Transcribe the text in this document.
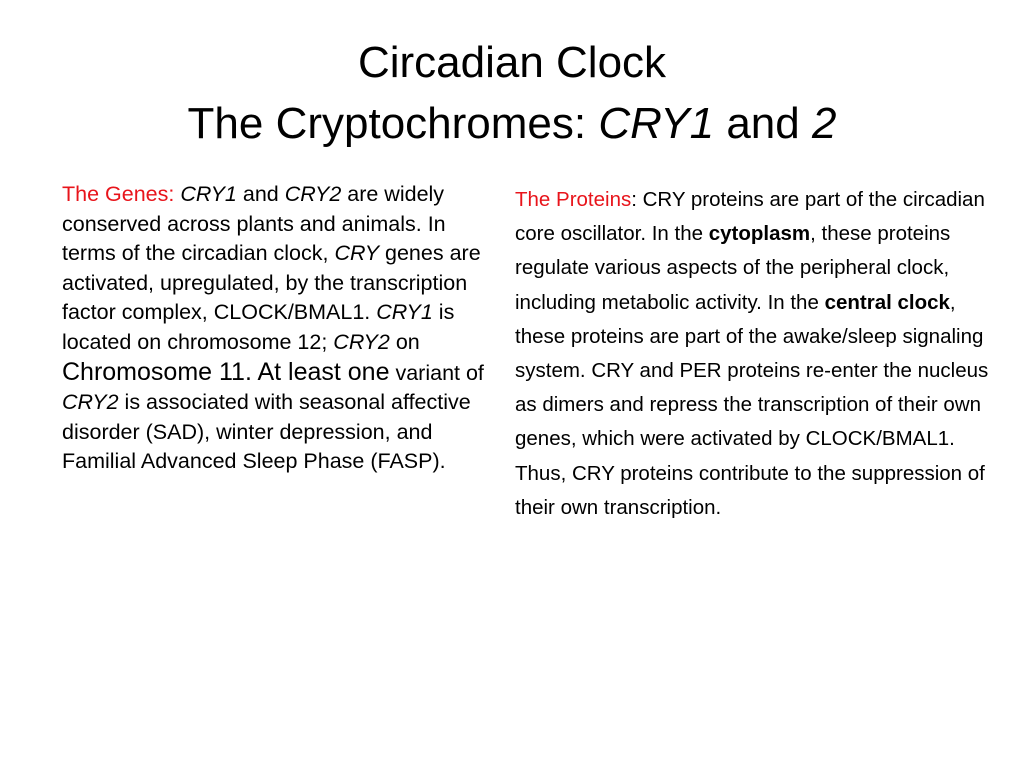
Circadian Clock
The Cryptochromes: CRY1 and 2

The Genes: CRY1 and CRY2 are widely conserved across plants and animals. In terms of the circadian clock, CRY genes are activated, upregulated, by the transcription factor complex, CLOCK/BMAL1. CRY1 is located on chromosome 12; CRY2 on Chromosome 11. At least one variant of CRY2 is associated with seasonal affective disorder (SAD), winter depression, and Familial Advanced Sleep Phase (FASP).

The Proteins: CRY proteins are part of the circadian core oscillator. In the cytoplasm, these proteins regulate various aspects of the peripheral clock, including metabolic activity. In the central clock, these proteins are part of the awake/sleep signaling system. CRY and PER proteins re-enter the nucleus as dimers and repress the transcription of their own genes, which were activated by CLOCK/BMAL1. Thus, CRY proteins contribute to the suppression of their own transcription.
